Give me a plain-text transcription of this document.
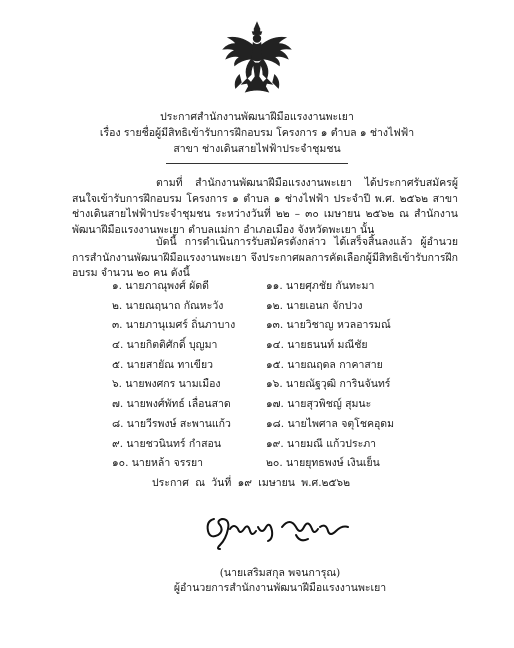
ประกาศสำนักงานพัฒนาฝีมือแรงงานพะเยา
เรื่อง รายชื่อผู้มีสิทธิเข้ารับการฝึกอบรม โครงการ ๑ ตำบล ๑ ช่างไฟฟ้า
สาขา ช่างเดินสายไฟฟ้าประจำชุมชน
ตามที่ สำนักงานพัฒนาฝีมือแรงงานพะเยา ได้ประกาศรับสมัครผู้สนใจเข้ารับการฝึกอบรม โครงการ ๑ ตำบล ๑ ช่างไฟฟ้า ประจำปี พ.ศ. ๒๕๖๒ สาขาช่างเดินสายไฟฟ้าประจำชุมชน ระหว่างวันที่ ๒๒ – ๓๐ เมษายน ๒๕๖๒ ณ สำนักงานพัฒนาฝีมือแรงงานพะเยา ตำบลแม่กา อำเภอเมือง จังหวัดพะเยา นั้น
บัดนี้ การดำเนินการรับสมัครดังกล่าว ได้เสร็จสิ้นลงแล้ว ผู้อำนวยการสำนักงานพัฒนาฝีมือแรงงานพะเยา จึงประกาศผลการคัดเลือกผู้มีสิทธิเข้ารับการฝึกอบรม จำนวน ๒๐ คน ดังนี้
๑. นายภาณุพงศ์ ผัดดี	๑๑. นายศุภชัย กันทะมา
๒. นายณฤนาถ กัณหะวัง	๑๒. นายเอนก จักปวง
๓. นายภานุเมศร์ ถิ่นภาบาง	๑๓. นายวิชาญ หวลอารมณ์
๔. นายกิตติศักดิ์ บุญมา	๑๔. นายธนนท์ มณีชัย
๕. นายสายัณ ทาเขียว	๑๕. นายณฤดล กาคาสาย
๖. นายพงศกร นามเมือง	๑๖. นายณัฐวุฒิ การินจันทร์
๗. นายพงศ์พัทธ์ เลื่อนสาด	๑๗. นายสุวพิชญ์ สุมนะ
๘. นายวีรพงษ์ สะพานแก้ว	๑๘. นายไพศาล จตุโชคอุดม
๙. นายชวนินทร์ กำสอน	๑๙. นายมณี แก้วประภา
๑๐. นายหล้า จรรยา	๒๐. นายยุทธพงษ์ เงินเย็น
ประกาศ ณ วันที่ ๑๙ เมษายน พ.ศ.๒๕๖๒
(นายเสริมสกุล พจนการุณ)
ผู้อำนวยการสำนักงานพัฒนาฝีมือแรงงานพะเยา
